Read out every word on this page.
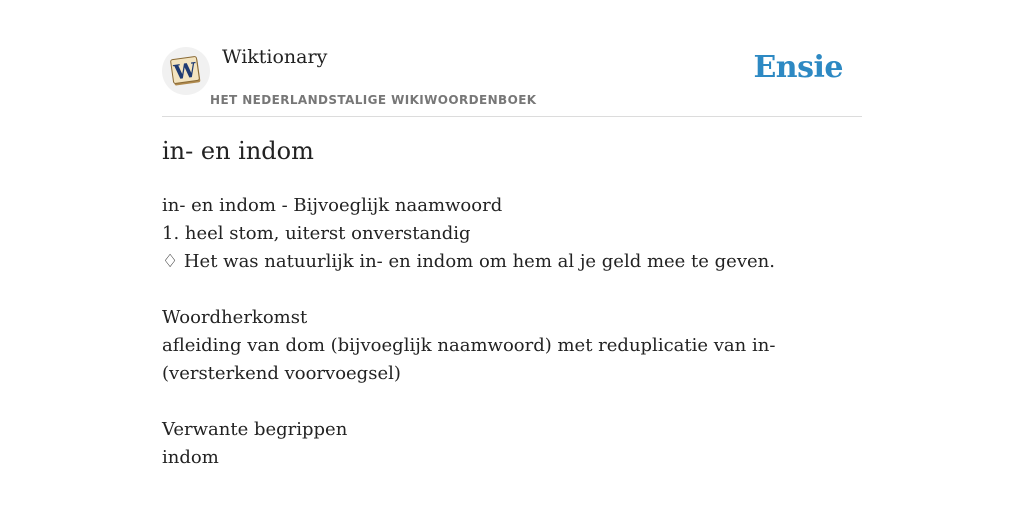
W
Wiktionary
HET NEDERLANDSTALIGE WIKIWOORDENBOEK
Ensie
in- en indom
in- en indom - Bijvoeglijk naamwoord
1. heel stom, uiterst onverstandig
♢ Het was natuurlijk in- en indom om hem al je geld mee te geven.
Woordherkomst
afleiding van dom (bijvoeglijk naamwoord) met reduplicatie van in- (versterkend voorvoegsel)
Verwante begrippen
indom
